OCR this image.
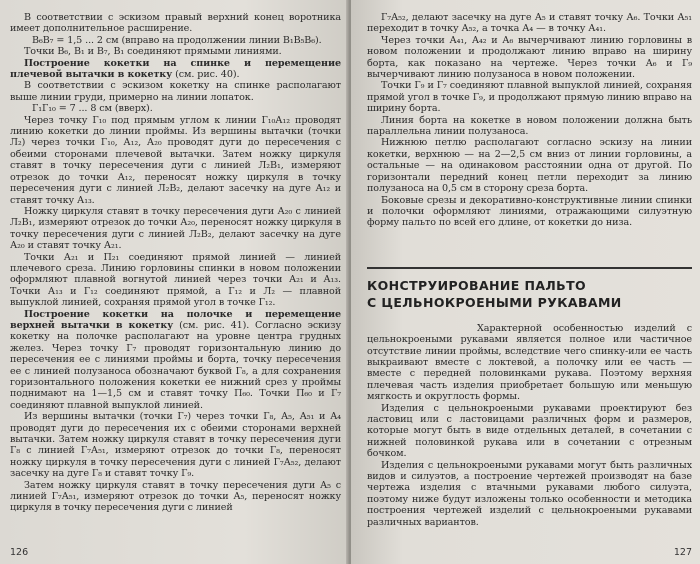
В соответствии с эскизом правый верхний конец воротника имеет дополнительное расширение.

В₆В₇ = 1,5 ... 2 см (вправо на продолжении линии В₁В₅В₆).

Точки В₆, В₁ и В₇, В₁ соединяют прямыми линиями.

Построение кокетки на спинке и перемещение плечевой вытачки в кокетку (см. рис. 40).

В соответствии с эскизом кокетку на спинке располагают выше линии груди, примерно на линии лопаток.

Г₁Г₁₀ = 7 ... 8 см (вверх).

Через точку Г₁₀ под прямым углом к линии Г₁₀А₁₂ проводят линию кокетки до линии проймы. Из вершины вытачки (точки Л₂) через точки Г₁₀, А₁₂, А₂₀ проводят дуги до пересечения с обеими сторонами плечевой вытачки. Затем ножку циркуля ставят в точку пересечения дуги с линией Л₂В₁, измеряют отрезок до точки А₁₂, переносят ножку циркуля в точку пересечения дуги с линией Л₂В₂, делают засечку на дуге А₁₂ и ставят точку А₁₃.

Ножку циркуля ставят в точку пересечения дуги А₂₀ с линией Л₂В₁, измеряют отрезок до точки А₂₀, переносят ножку циркуля в точку пересечения дуги с линией Л₂В₂, делают засечку на дуге А₂₀ и ставят точку А₂₁.

Точки А₂₁ и П₂₁ соединяют прямой линией — линией плечевого среза. Линию горловины спинки в новом положении оформляют плавной вогнутой линией через точки А₂₁ и А₁₃. Точки А₁₃ и Г₁₂ соединяют прямой, а Г₁₂ и Л₂ — плавной выпуклой линией, сохраняя прямой угол в точке Г₁₂.

Построение кокетки на полочке и перемещение верхней вытачки в кокетку (см. рис. 41). Согласно эскизу кокетку на полочке располагают на уровне центра грудных желез. Через точку Г₇ проводят горизонтальную линию до пересечения ее с линиями проймы и борта, точку пересечения ее с линией полузаноса обозначают буквой Г₈, а для сохранения горизонтального положения кокетки ее нижний срез у проймы поднимают на 1—1,5 см и ставят точку П₆₀. Точки П₆₀ и Г₇ соединяют плавной выпуклой линией.

Из вершины вытачки (точки Г₇) через точки Г₈, А₅, А₅₁ и А₄ проводят дуги до пересечения их с обеими сторонами верхней вытачки. Затем ножку циркуля ставят в точку пересечения дуги Г₈ с линией Г₇А₅₁, измеряют отрезок до точки Г₈, переносят ножку циркуля в точку пересечения дуги с линией Г₇А₅₂, делают засечку на дуге Г₈ и ставят точку Г₉.

Затем ножку циркуля ставят в точку пересечения дуги А₅ с линией Г₇А₅₁, измеряют отрезок до точки А₅, переносят ножку циркуля в точку пересечения дуги с линией

126

Г₇А₅₂, делают засечку на дуге А₅ и ставят точку А₆. Точки А₅₁ переходит в точку А₅₂, а точка А₄ — в точку А₄₁.

Через точки А₄₁, А₄₂ и А₆ вычерчивают линию горловины в новом положении и продолжают линию вправо на ширину борта, как показано на чертеже. Через точки А₆ и Г₉ вычерчивают линию полузаноса в новом положении.

Точки Г₉ и Г₇ соединяют плавной выпуклой линией, сохраняя прямой угол в точке Г₉, и продолжают прямую линию вправо на ширину борта.

Линия борта на кокетке в новом положении должна быть параллельна линии полузаноса.

Нижнюю петлю располагают согласно эскизу на линии кокетки, верхнюю — на 2—2,5 см вниз от линии горловины, а остальные — на одинаковом расстоянии одна от другой. По горизонтали передний конец петли переходит за линию полузаноса на 0,5 см в сторону среза борта.

Боковые срезы и декоративно-конструктивные линии спинки и полочки оформляют линиями, отражающими силуэтную форму пальто по всей его длине, от кокетки до низа.

КОНСТРУИРОВАНИЕ ПАЛЬТО
С ЦЕЛЬНОКРОЕНЫМИ РУКАВАМИ

Характерной особенностью изделий с цельнокроеными рукавами является полное или частичное отсутствие линии проймы, вследствие чего спинку-или ее часть выкраивают вместе с локтевой, а полочку или ее часть — вместе с передней половинками рукава. Поэтому верхняя плечевая часть изделия приобретает большую или меньшую мягкость и округлость формы.

Изделия с цельнокроеными рукавами проектируют без ластовиц или с ластовицами различных форм и размеров, которые могут быть в виде отдельных деталей, в сочетании с нижней половинкой рукава или в сочетании с отрезным бочком.

Изделия с цельнокроеными рукавами могут быть различных видов и силуэтов, а построение чертежей производят на базе чертежа изделия с втачными рукавами любого силуэта, поэтому ниже будут изложены только особенности и методика построения чертежей изделий с цельнокроеными рукавами различных вариантов.

127
